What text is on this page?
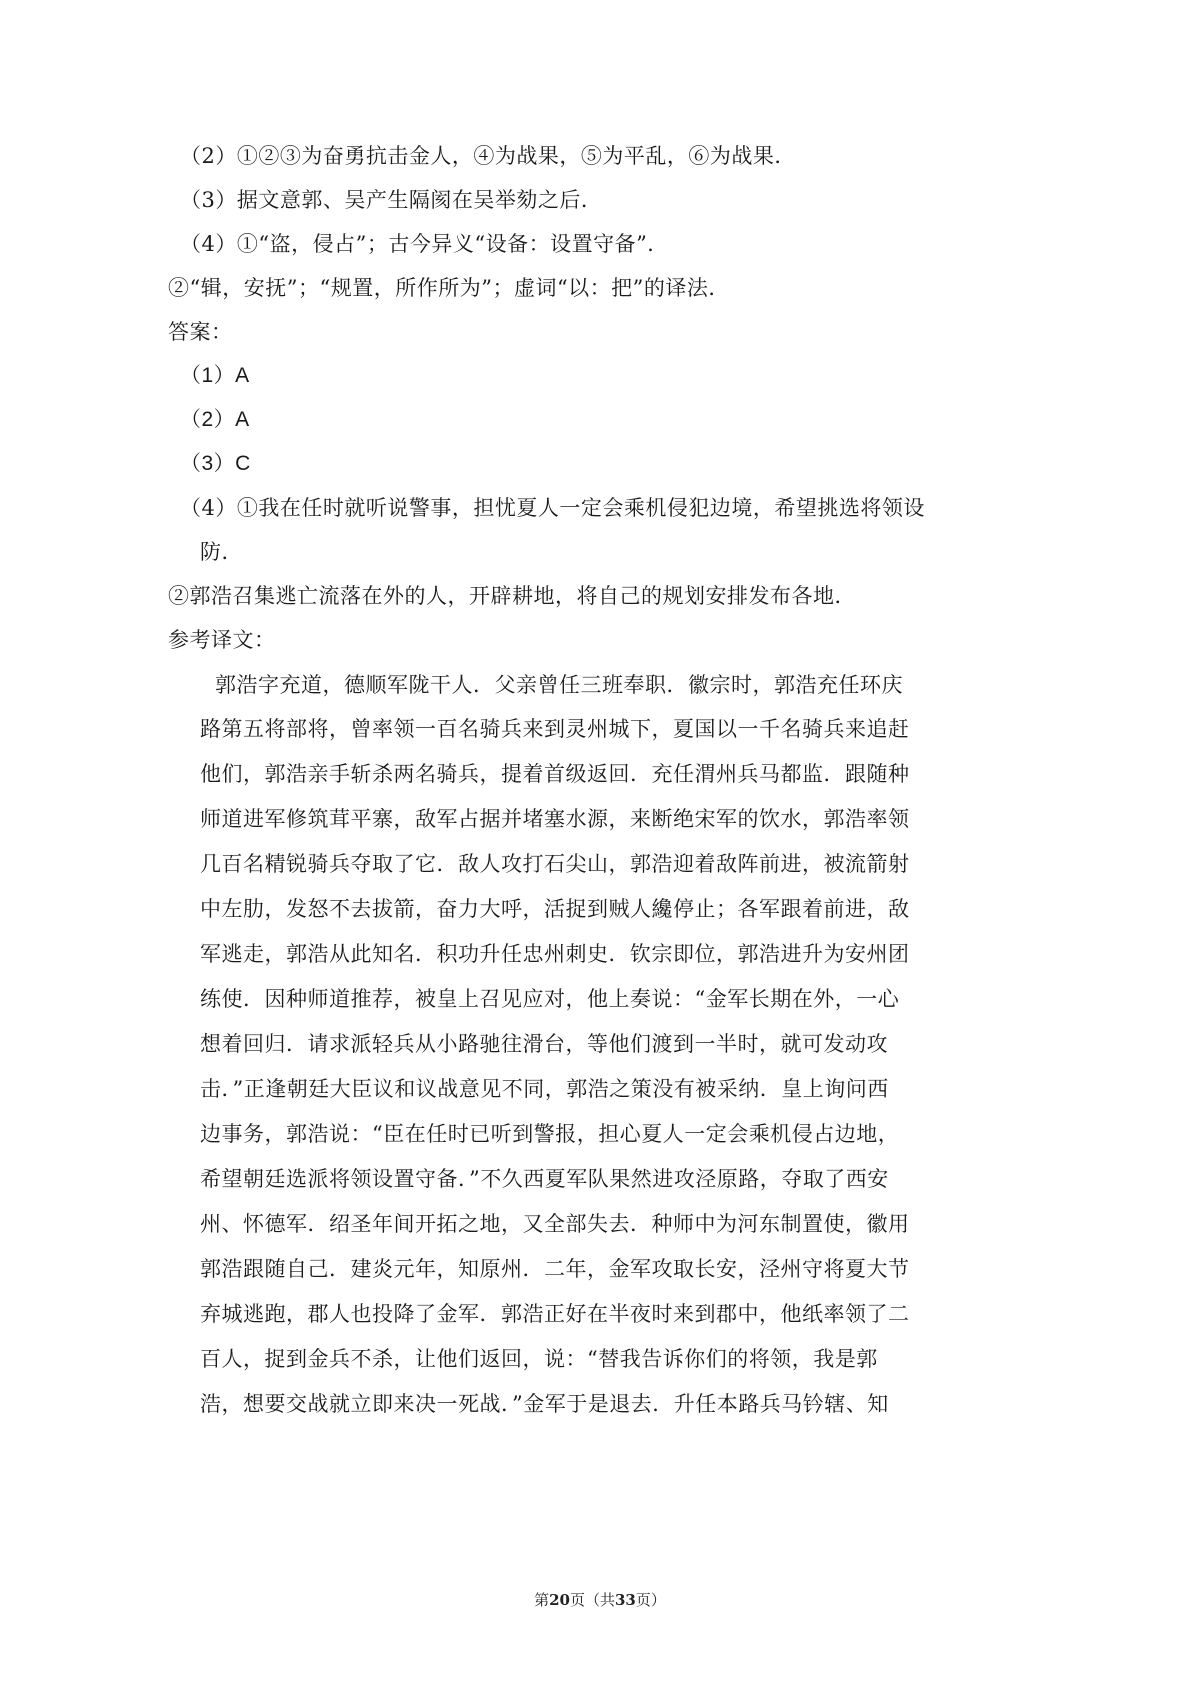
（2）①②③为奋勇抗击金人，④为战果，⑤为平乱，⑥为战果．
（3）据文意郭、吴产生隔阂在吴举劾之后．
（4）①“盗，侵占”；古今异义“设备：设置守备”．
②“辑，安抚”；“规置，所作所为”；虚词“以：把”的译法．
答案：
（1）A
（2）A
（3）C
（4）①我在任时就听说警事，担忧夏人一定会乘机侵犯边境，希望挑选将领设
防．
②郭浩召集逃亡流落在外的人，开辟耕地，将自己的规划安排发布各地．
参考译文：
郭浩字充道，德顺军陇干人．父亲曾任三班奉职．徽宗时，郭浩充任环庆
路第五将部将，曾率领一百名骑兵来到灵州城下，夏国以一千名骑兵来追赶
他们，郭浩亲手斩杀两名骑兵，提着首级返回．充任渭州兵马都监．跟随种
师道进军修筑茸平寨，敌军占据并堵塞水源，来断绝宋军的饮水，郭浩率领
几百名精锐骑兵夺取了它．敌人攻打石尖山，郭浩迎着敌阵前进，被流箭射
中左肋，发怒不去拔箭，奋力大呼，活捉到贼人纔停止；各军跟着前进，敌
军逃走，郭浩从此知名．积功升任忠州刺史．钦宗即位，郭浩进升为安州团
练使．因种师道推荐，被皇上召见应对，他上奏说：“金军长期在外，一心
想着回归．请求派轻兵从小路驰往滑台，等他们渡到一半时，就可发动攻
击．”正逢朝廷大臣议和议战意见不同，郭浩之策没有被采纳．皇上询问西
边事务，郭浩说：“臣在任时已听到警报，担心夏人一定会乘机侵占边地，
希望朝廷选派将领设置守备．”不久西夏军队果然进攻泾原路，夺取了西安
州、怀德军．绍圣年间开拓之地，又全部失去．种师中为河东制置使，徽用
郭浩跟随自己．建炎元年，知原州．二年，金军攻取长安，泾州守将夏大节
弃城逃跑，郡人也投降了金军．郭浩正好在半夜时来到郡中，他纸率领了二
百人，捉到金兵不杀，让他们返回，说：“替我告诉你们的将领，我是郭
浩，想要交战就立即来决一死战．”金军于是退去．升任本路兵马钤辖、知
第20页（共33页）
